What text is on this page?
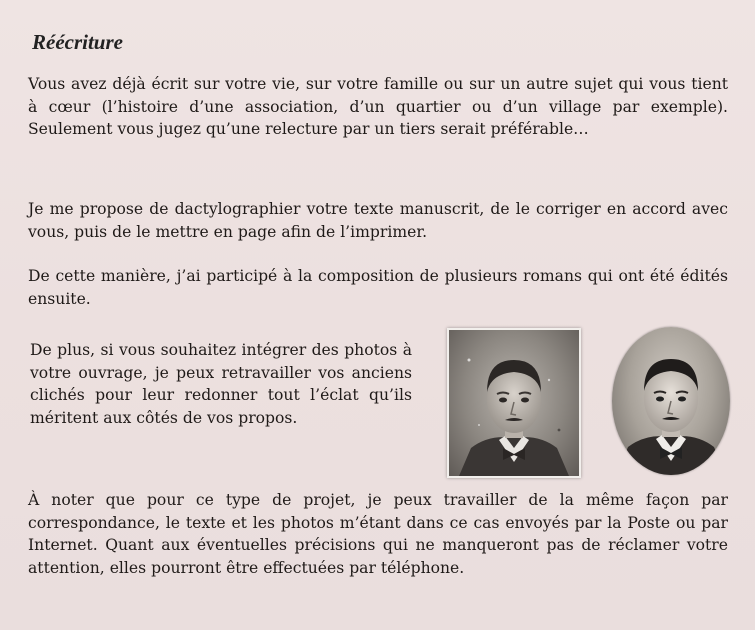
Réécriture

Vous avez déjà écrit sur votre vie, sur votre famille ou sur un autre sujet qui vous tient à cœur (l’histoire d’une association, d’un quartier ou d’un village par exemple). Seulement vous jugez qu’une relecture par un tiers serait préférable…

Je me propose de dactylographier votre texte manuscrit, de le corriger en accord avec vous, puis de le mettre en page afin de l’imprimer.

De cette manière, j’ai participé à la composition de plusieurs romans qui ont été édités ensuite.

De plus, si vous souhaitez intégrer des photos à votre ouvrage, je peux retravailler vos anciens clichés pour leur redonner tout l’éclat qu’ils méritent aux côtés de vos propos.

À noter que pour ce type de projet, je peux travailler de la même façon par correspondance, le texte et les photos m’étant dans ce cas envoyés par la Poste ou par Internet. Quant aux éventuelles précisions qui ne manqueront pas de réclamer votre attention, elles pourront être effectuées par téléphone.
